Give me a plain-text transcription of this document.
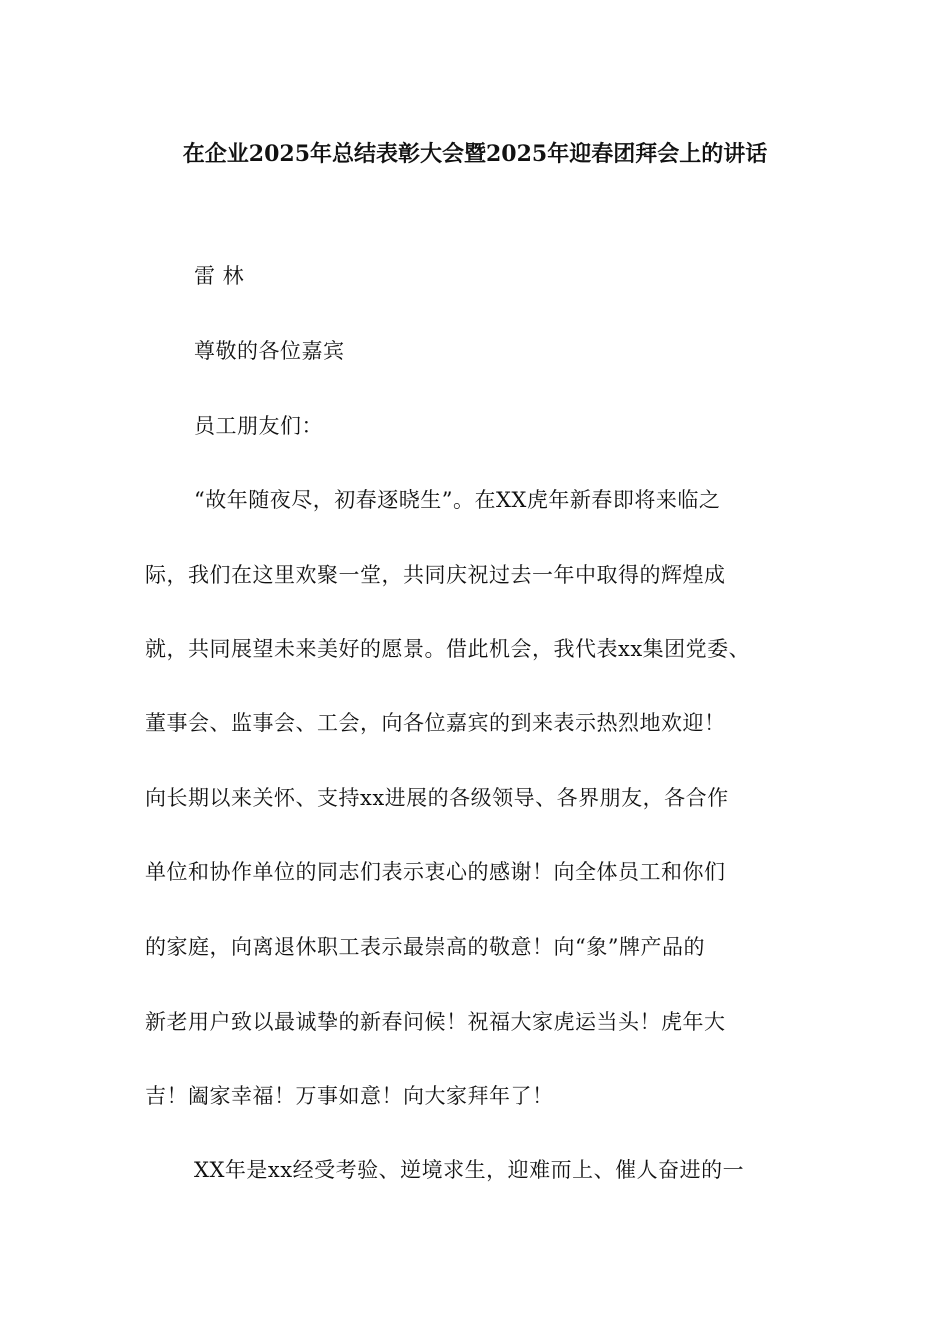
在企业2025年总结表彰大会暨2025年迎春团拜会上的讲话
雷 林
尊敬的各位嘉宾
员工朋友们：
“故年随夜尽，初春逐晓生”。在XX虎年新春即将来临之
际，我们在这里欢聚一堂，共同庆祝过去一年中取得的辉煌成
就，共同展望未来美好的愿景。借此机会，我代表xx集团党委、
董事会、监事会、工会，向各位嘉宾的到来表示热烈地欢迎！
向长期以来关怀、支持xx进展的各级领导、各界朋友，各合作
单位和协作单位的同志们表示衷心的感谢！向全体员工和你们
的家庭，向离退休职工表示最崇高的敬意！向“象”牌产品的
新老用户致以最诚挚的新春问候！祝福大家虎运当头！虎年大
吉！阖家幸福！万事如意！向大家拜年了！
XX年是xx经受考验、逆境求生，迎难而上、催人奋进的一
